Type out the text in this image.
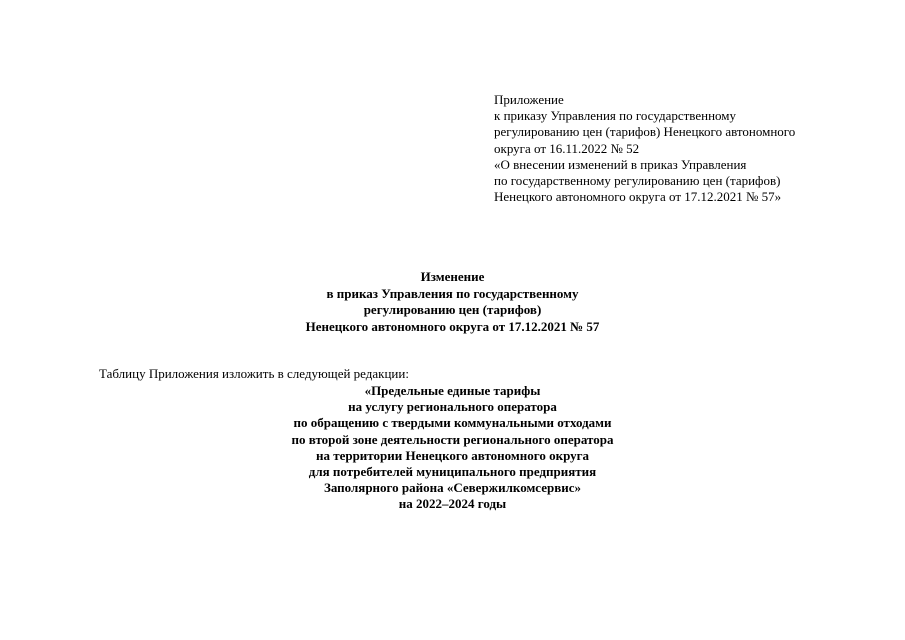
Приложение
к приказу Управления по государственному
регулированию цен (тарифов) Ненецкого автономного
округа от 16.11.2022 № 52
«О внесении изменений в приказ Управления
по государственному регулированию цен (тарифов)
Ненецкого автономного округа от 17.12.2021 № 57»
Изменение
в приказ Управления по государственному
регулированию цен (тарифов)
Ненецкого автономного округа от 17.12.2021 № 57
Таблицу Приложения изложить в следующей редакции:
«Предельные единые тарифы
на услугу регионального оператора
по обращению с твердыми коммунальными отходами
по второй зоне деятельности регионального оператора
на территории Ненецкого автономного округа
для потребителей муниципального предприятия
Заполярного района «Севержилкомсервис»
на 2022–2024 годы
